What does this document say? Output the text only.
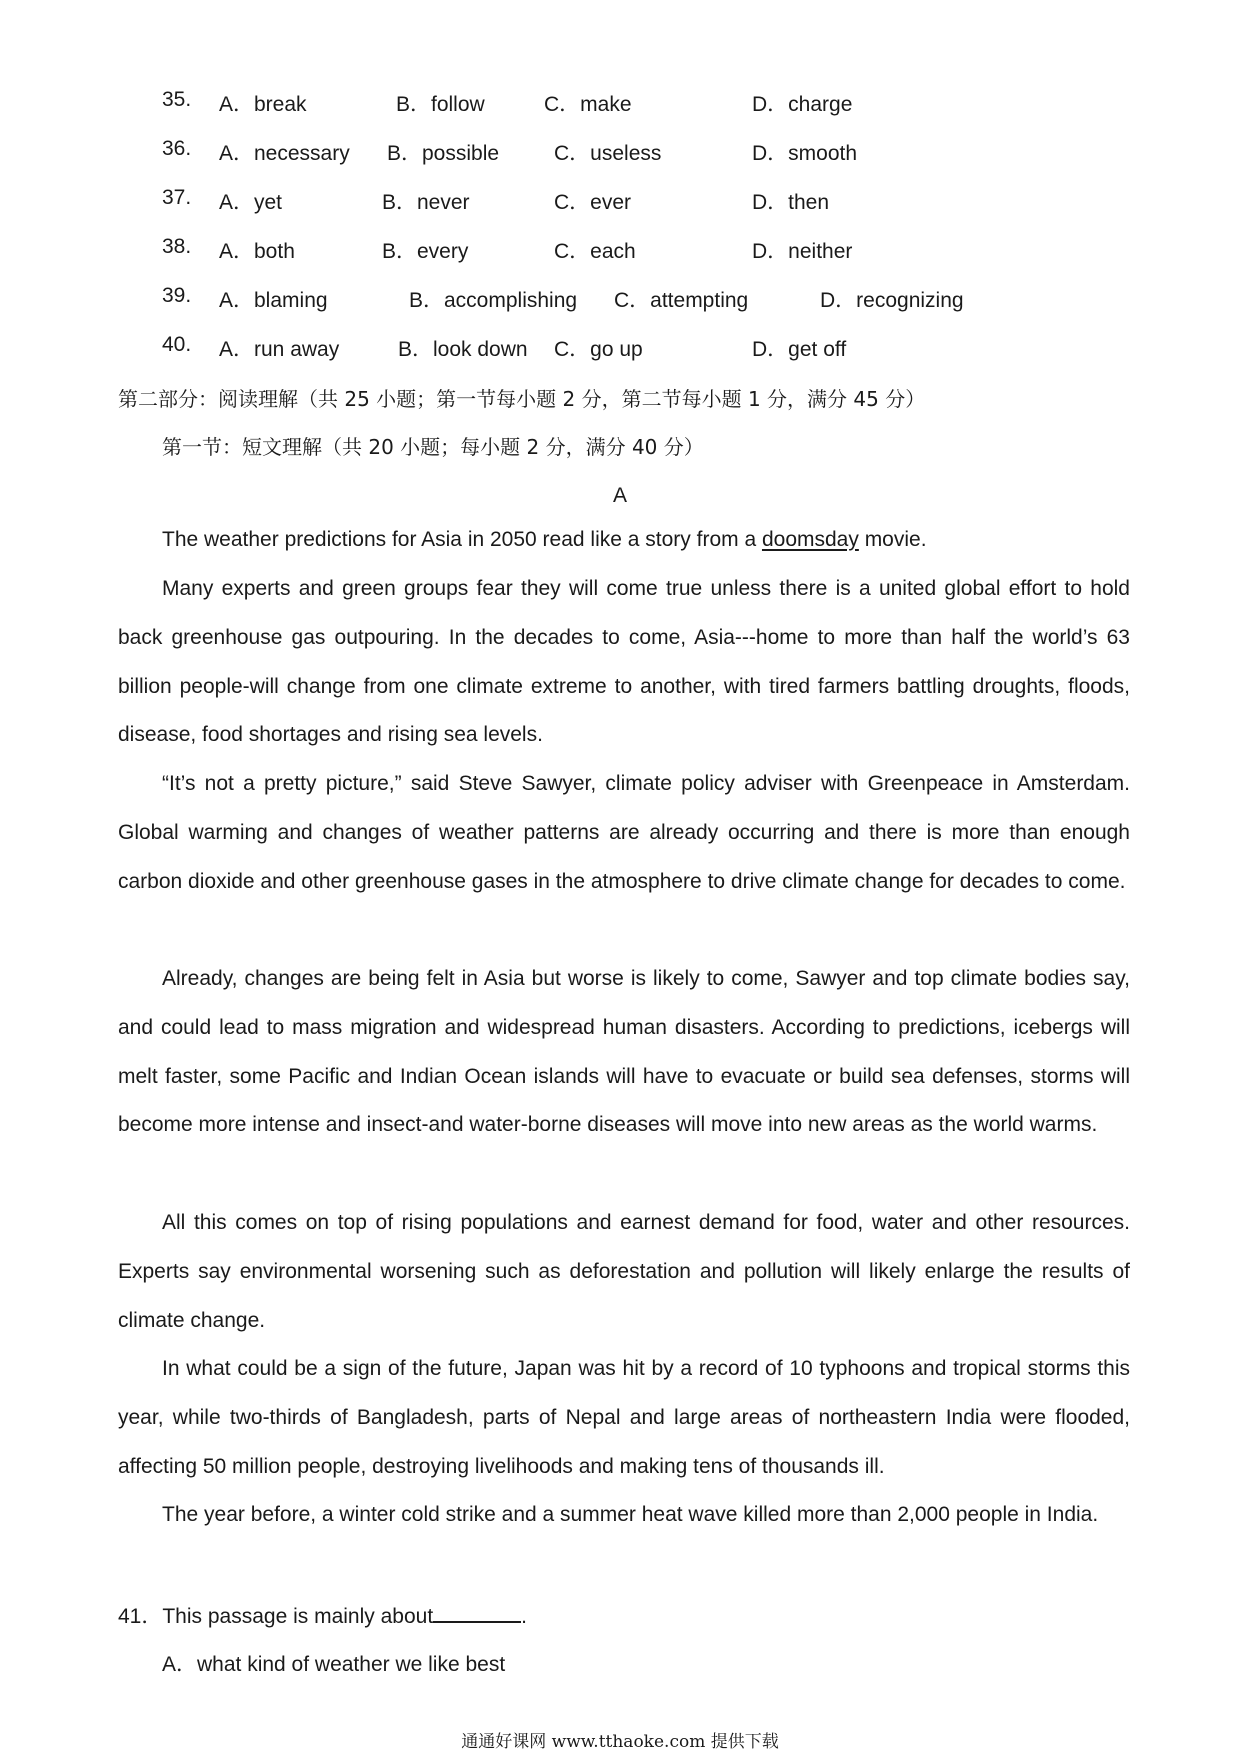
35. A．break	B．follow	C．make	D．charge
36. A．necessary B．possible	C．useless	D．smooth
37. A．yet	B．never	C．ever	D．then
38. A．both	B．every	C．each	D．neither
39. A．blaming	B．accomplishing C．attempting	D．recognizing
40. A．run away	B．look down C．go up	D．get off
第二部分：阅读理解（共 25 小题；第一节每小题 2 分，第二节每小题 1 分，满分 45 分）
第一节：短文理解（共 20 小题；每小题 2 分，满分 40 分）
A

The weather predictions for Asia in 2050 read like a story from a doomsday movie.

Many experts and green groups fear they will come true unless there is a united global effort to hold back greenhouse gas outpouring. In the decades to come, Asia---home to more than half the world’s 63 billion people-will change from one climate extreme to another, with tired farmers battling droughts, floods, disease, food shortages and rising sea levels.

“It’s not a pretty picture,” said Steve Sawyer, climate policy adviser with Greenpeace in Amsterdam. Global warming and changes of weather patterns are already occurring and there is more than enough carbon dioxide and other greenhouse gases in the atmosphere to drive climate change for decades to come.

Already, changes are being felt in Asia but worse is likely to come, Sawyer and top climate bodies say, and could lead to mass migration and widespread human disasters. According to predictions, icebergs will melt faster, some Pacific and Indian Ocean islands will have to evacuate or build sea defenses, storms will become more intense and insect-and water-borne diseases will move into new areas as the world warms.

All this comes on top of rising populations and earnest demand for food, water and other resources. Experts say environmental worsening such as deforestation and pollution will likely enlarge the results of climate change.

In what could be a sign of the future, Japan was hit by a record of 10 typhoons and tropical storms this year, while two-thirds of Bangladesh, parts of Nepal and large areas of northeastern India were flooded, affecting 50 million people, destroying livelihoods and making tens of thousands ill.

The year before, a winter cold strike and a summer heat wave killed more than 2,000 people in India.

41．This passage is mainly about	.
A．what kind of weather we like best
通通好课网 www.tthaoke.com 提供下载
